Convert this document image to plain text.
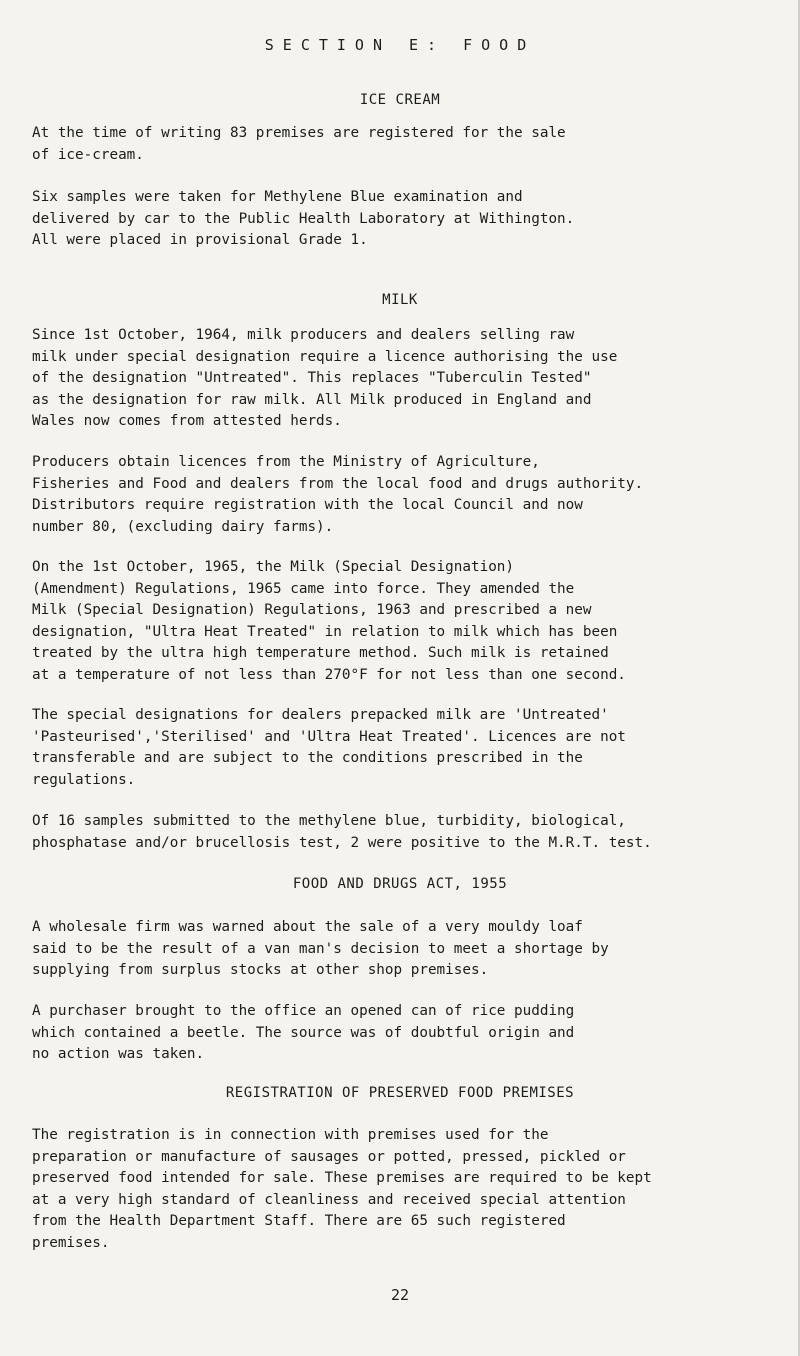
SECTION E: FOOD
ICE CREAM

At the time of writing 83 premises are registered for the sale
of ice-cream.

Six samples were taken for Methylene Blue examination and
delivered by car to the Public Health Laboratory at Withington.
All were placed in provisional Grade 1.

MILK

Since 1st October, 1964, milk producers and dealers selling raw
milk under special designation require a licence authorising the use
of the designation "Untreated". This replaces "Tuberculin Tested"
as the designation for raw milk. All Milk produced in England and
Wales now comes from attested herds.

Producers obtain licences from the Ministry of Agriculture,
Fisheries and Food and dealers from the local food and drugs authority.
Distributors require registration with the local Council and now
number 80, (excluding dairy farms).

On the 1st October, 1965, the Milk (Special Designation)
(Amendment) Regulations, 1965 came into force. They amended the
Milk (Special Designation) Regulations, 1963 and prescribed a new
designation, "Ultra Heat Treated" in relation to milk which has been
treated by the ultra high temperature method. Such milk is retained
at a temperature of not less than 270°F for not less than one second.

The special designations for dealers prepacked milk are 'Untreated'
'Pasteurised','Sterilised' and 'Ultra Heat Treated'. Licences are not
transferable and are subject to the conditions prescribed in the
regulations.

Of 16 samples submitted to the methylene blue, turbidity, biological,
phosphatase and/or brucellosis test, 2 were positive to the M.R.T. test.

FOOD AND DRUGS ACT, 1955

A wholesale firm was warned about the sale of a very mouldy loaf
said to be the result of a van man's decision to meet a shortage by
supplying from surplus stocks at other shop premises.

A purchaser brought to the office an opened can of rice pudding
which contained a beetle. The source was of doubtful origin and
no action was taken.

REGISTRATION OF PRESERVED FOOD PREMISES

The registration is in connection with premises used for the
preparation or manufacture of sausages or potted, pressed, pickled or
preserved food intended for sale. These premises are required to be kept
at a very high standard of cleanliness and received special attention
from the Health Department Staff. There are 65 such registered
premises.

22
